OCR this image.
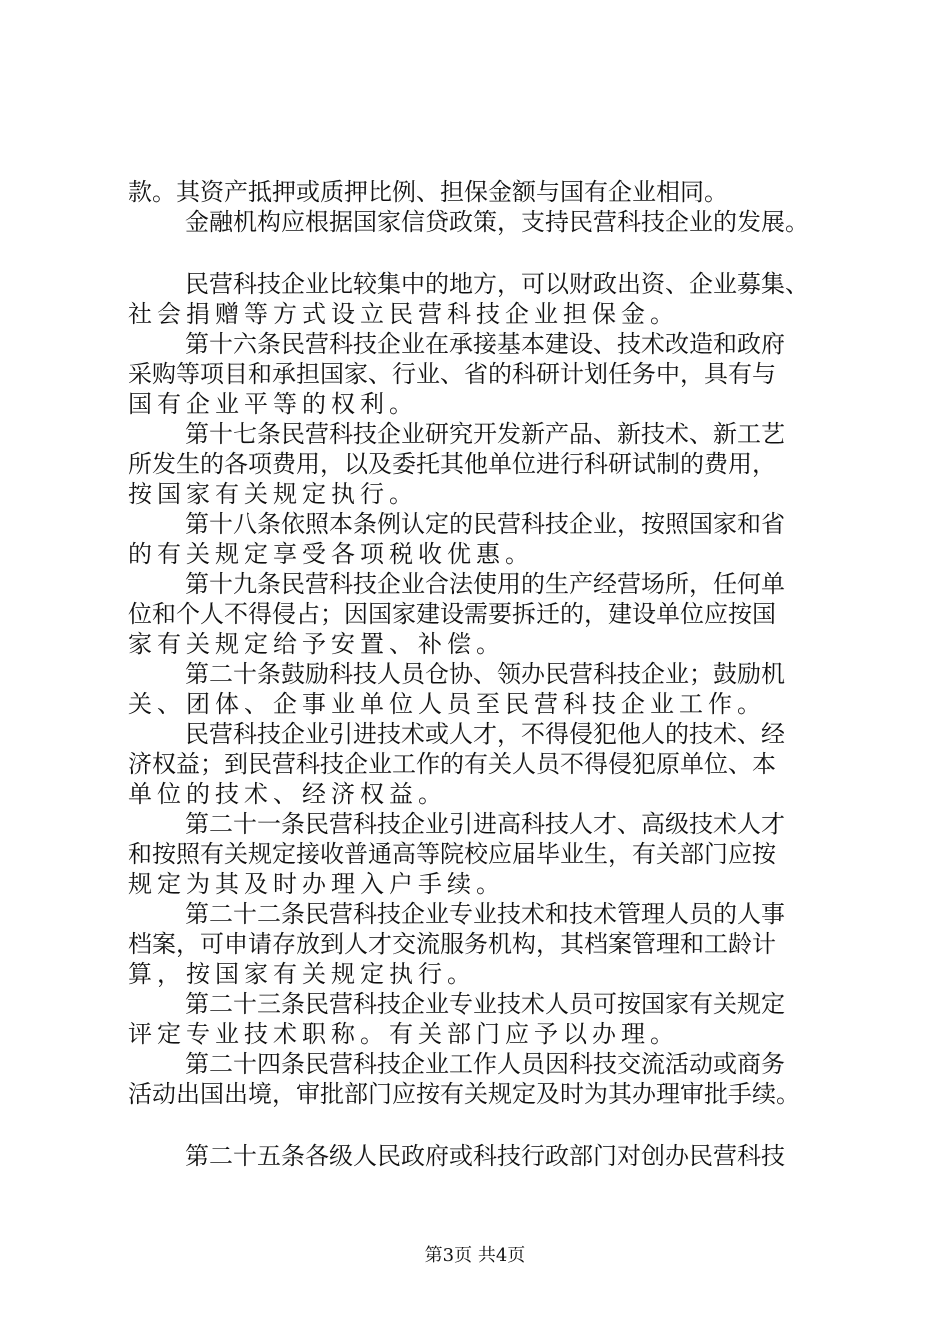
款。其资产抵押或质押比例、担保金额与国有企业相同。
金融机构应根据国家信贷政策，支持民营科技企业的发展。
民营科技企业比较集中的地方，可以财政出资、企业募集、
社会捐赠等方式设立民营科技企业担保金。
第十六条民营科技企业在承接基本建设、技术改造和政府
采购等项目和承担国家、行业、省的科研计划任务中，具有与
国有企业平等的权利。
第十七条民营科技企业研究开发新产品、新技术、新工艺
所发生的各项费用，以及委托其他单位进行科研试制的费用，
按国家有关规定执行。
第十八条依照本条例认定的民营科技企业，按照国家和省
的有关规定享受各项税收优惠。
第十九条民营科技企业合法使用的生产经营场所，任何单
位和个人不得侵占；因国家建设需要拆迁的，建设单位应按国
家有关规定给予安置、补偿。
第二十条鼓励科技人员仓协、领办民营科技企业；鼓励机
关、团体、企事业单位人员至民营科技企业工作。
民营科技企业引进技术或人才，不得侵犯他人的技术、经
济权益；到民营科技企业工作的有关人员不得侵犯原单位、本
单位的技术、经济权益。
第二十一条民营科技企业引进高科技人才、高级技术人才
和按照有关规定接收普通高等院校应届毕业生，有关部门应按
规定为其及时办理入户手续。
第二十二条民营科技企业专业技术和技术管理人员的人事
档案，可申请存放到人才交流服务机构，其档案管理和工龄计
算，按国家有关规定执行。
第二十三条民营科技企业专业技术人员可按国家有关规定
评定专业技术职称。有关部门应予以办理。
第二十四条民营科技企业工作人员因科技交流活动或商务
活动出国出境，审批部门应按有关规定及时为其办理审批手续。
第二十五条各级人民政府或科技行政部门对创办民营科技
第3页 共4页
